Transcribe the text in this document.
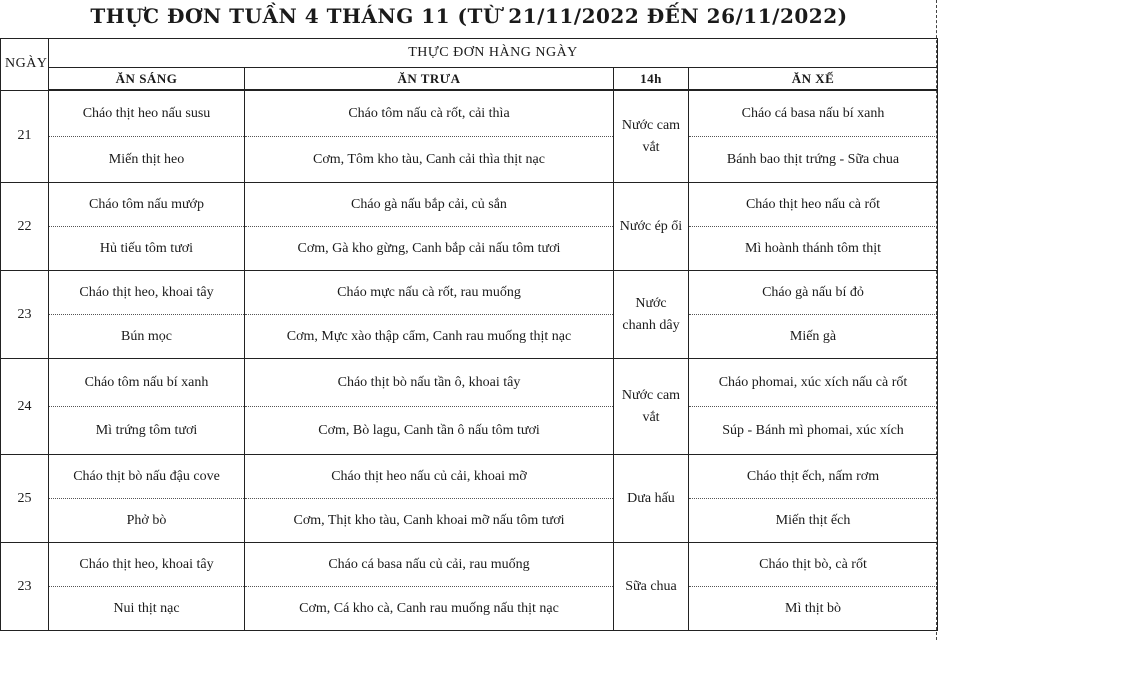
THỰC ĐƠN TUẦN 4 THÁNG 11 (TỪ 21/11/2022 ĐẾN 26/11/2022)
NGÀY	THỰC ĐƠN HÀNG NGÀY			
	ĂN SÁNG	ĂN TRƯA	14h	ĂN XẾ
21	Cháo thịt heo nấu susu	Cháo tôm nấu cà rốt, cải thìa	Nước cam vắt	Cháo cá basa nấu bí xanh
	Miến thịt heo	Cơm, Tôm kho tàu, Canh cải thìa thịt nạc		Bánh bao thịt trứng - Sữa chua
22	Cháo tôm nấu mướp	Cháo gà nấu bắp cải, củ sắn	Nước ép ổi	Cháo thịt heo nấu cà rốt
	Hủ tiếu tôm tươi	Cơm, Gà kho gừng, Canh bắp cải nấu tôm tươi		Mì hoành thánh tôm thịt
23	Cháo thịt heo, khoai tây	Cháo mực nấu cà rốt, rau muống	Nước chanh dây	Cháo gà nấu bí đỏ
	Bún mọc	Cơm, Mực xào thập cẩm, Canh rau muống thịt nạc		Miến gà
24	Cháo tôm nấu bí xanh	Cháo thịt bò nấu tần ô, khoai tây	Nước cam vắt	Cháo phomai, xúc xích nấu cà rốt
	Mì trứng tôm tươi	Cơm, Bò lagu, Canh tần ô nấu tôm tươi		Súp - Bánh mì phomai, xúc xích
25	Cháo thịt bò nấu đậu cove	Cháo thịt heo nấu củ cải, khoai mỡ	Dưa hấu	Cháo thịt ếch, nấm rơm
	Phở bò	Cơm, Thịt kho tàu, Canh khoai mỡ nấu tôm tươi		Miến thịt ếch
23	Cháo thịt heo, khoai tây	Cháo cá basa nấu củ cải, rau muống	Sữa chua	Cháo thịt bò, cà rốt
	Nui thịt nạc	Cơm, Cá kho cà, Canh rau muống nấu thịt nạc		Mì thịt bò
